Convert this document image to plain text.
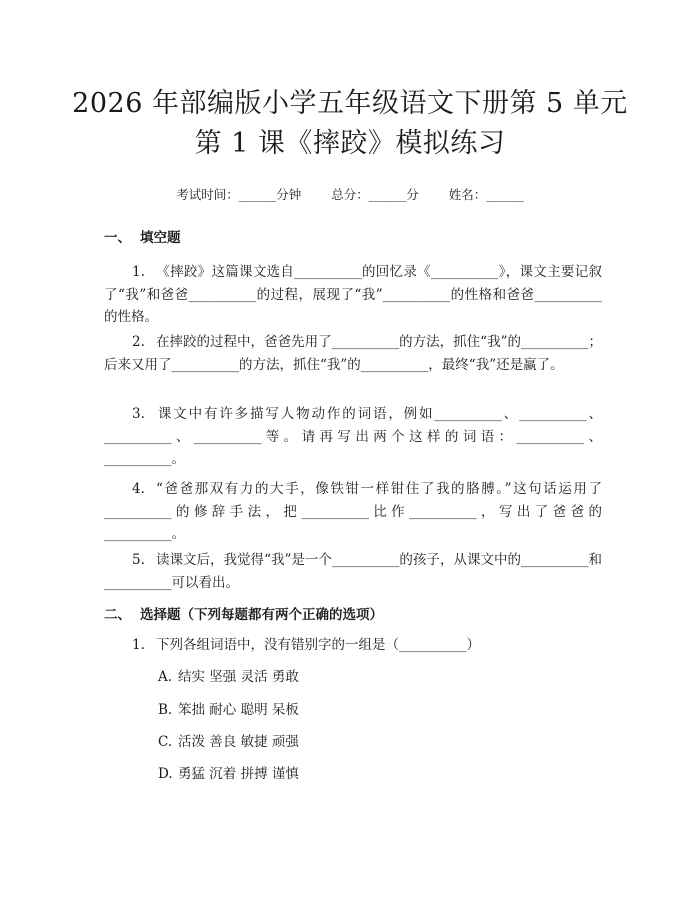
2026 年部编版小学五年级语文下册第 5 单元
第 1 课《摔跤》模拟练习
考试时间：______分钟 总分：______分 姓名：______

一、 填空题

1. 《摔跤》这篇课文选自__________的回忆录《__________》，课文主要记叙了“我”和爸爸__________的过程，展现了“我”__________的性格和爸爸__________的性格。

2. 在摔跤的过程中，爸爸先用了__________的方法，抓住“我”的__________；后来又用了__________的方法，抓住“我”的__________，最终“我”还是赢了。

3. 课文中有许多描写人物动作的词语，例如__________、__________、__________、__________等。请再写出两个这样的词语：__________、__________。

4. “爸爸那双有力的大手，像铁钳一样钳住了我的胳膊。”这句话运用了__________的修辞手法，把__________比作__________，写出了爸爸的__________。

5. 读课文后，我觉得“我”是一个__________的孩子，从课文中的__________和__________可以看出。

二、 选择题（下列每题都有两个正确的选项）

1. 下列各组词语中，没有错别字的一组是（__________）

A. 结实 坚强 灵活 勇敢

B. 笨拙 耐心 聪明 呆板

C. 活泼 善良 敏捷 顽强

D. 勇猛 沉着 拼搏 谨慎
